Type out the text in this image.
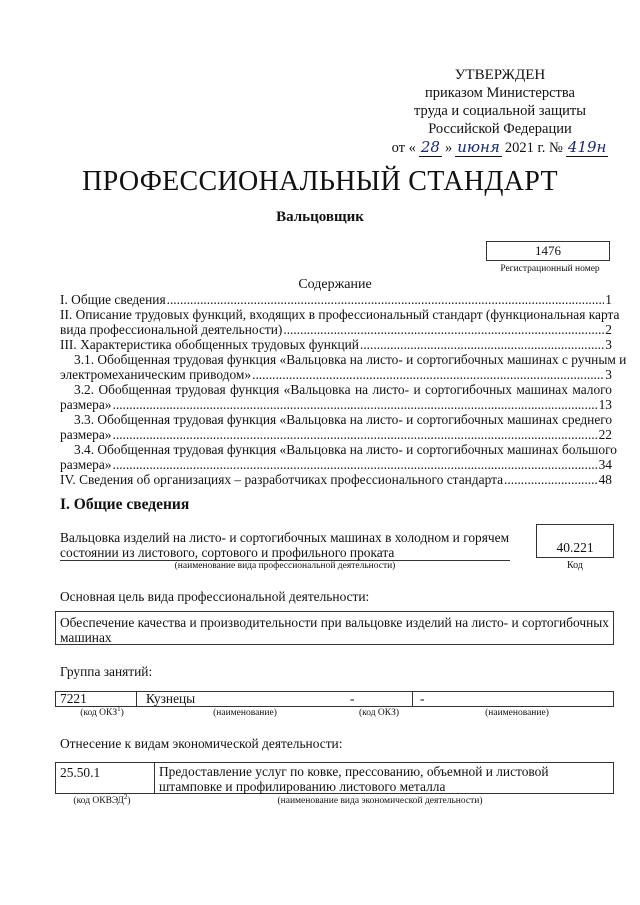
УТВЕРЖДЕН
приказом Министерства
труда и социальной защиты
Российской Федерации
от « 28 » июня 2021 г. № 419н
ПРОФЕССИОНАЛЬНЫЙ СТАНДАРТ
Вальцовщик
1476
Регистрационный номер
Содержание
I. Общие сведения .....	1
II. Описание трудовых функций, входящих в профессиональный стандарт (функциональная карта
вида профессиональной деятельности) .....	2
III. Характеристика обобщенных трудовых функций .....	3
3.1. Обобщенная трудовая функция «Вальцовка на листо- и сортогибочных машинах с ручным и
электромеханическим приводом» .....	3
3.2. Обобщенная трудовая функция «Вальцовка на листо- и сортогибочных машинах малого
размера» .....	13
3.3. Обобщенная трудовая функция «Вальцовка на листо- и сортогибочных машинах среднего
размера» .....	22
3.4. Обобщенная трудовая функция «Вальцовка на листо- и сортогибочных машинах большого
размера» .....	34
IV. Сведения об организациях – разработчиках профессионального стандарта .....	48
I. Общие сведения
Вальцовка изделий на листо- и сортогибочных машинах в холодном и горячем состоянии из листового, сортового и профильного проката
(наименование вида профессиональной деятельности)
40.221
Код
Основная цель вида профессиональной деятельности:
Обеспечение качества и производительности при вальцовке изделий на листо- и сортогибочных машинах
Группа занятий:
7221	Кузнецы	-	-
(код ОКЗ$^1$)	(наименование)	(код ОКЗ)	(наименование)
Отнесение к видам экономической деятельности:
25.50.1	Предоставление услуг по ковке, прессованию, объемной и листовой штамповке и профилированию листового металла
(код ОКВЭД$^2$)	(наименование вида экономической деятельности)
